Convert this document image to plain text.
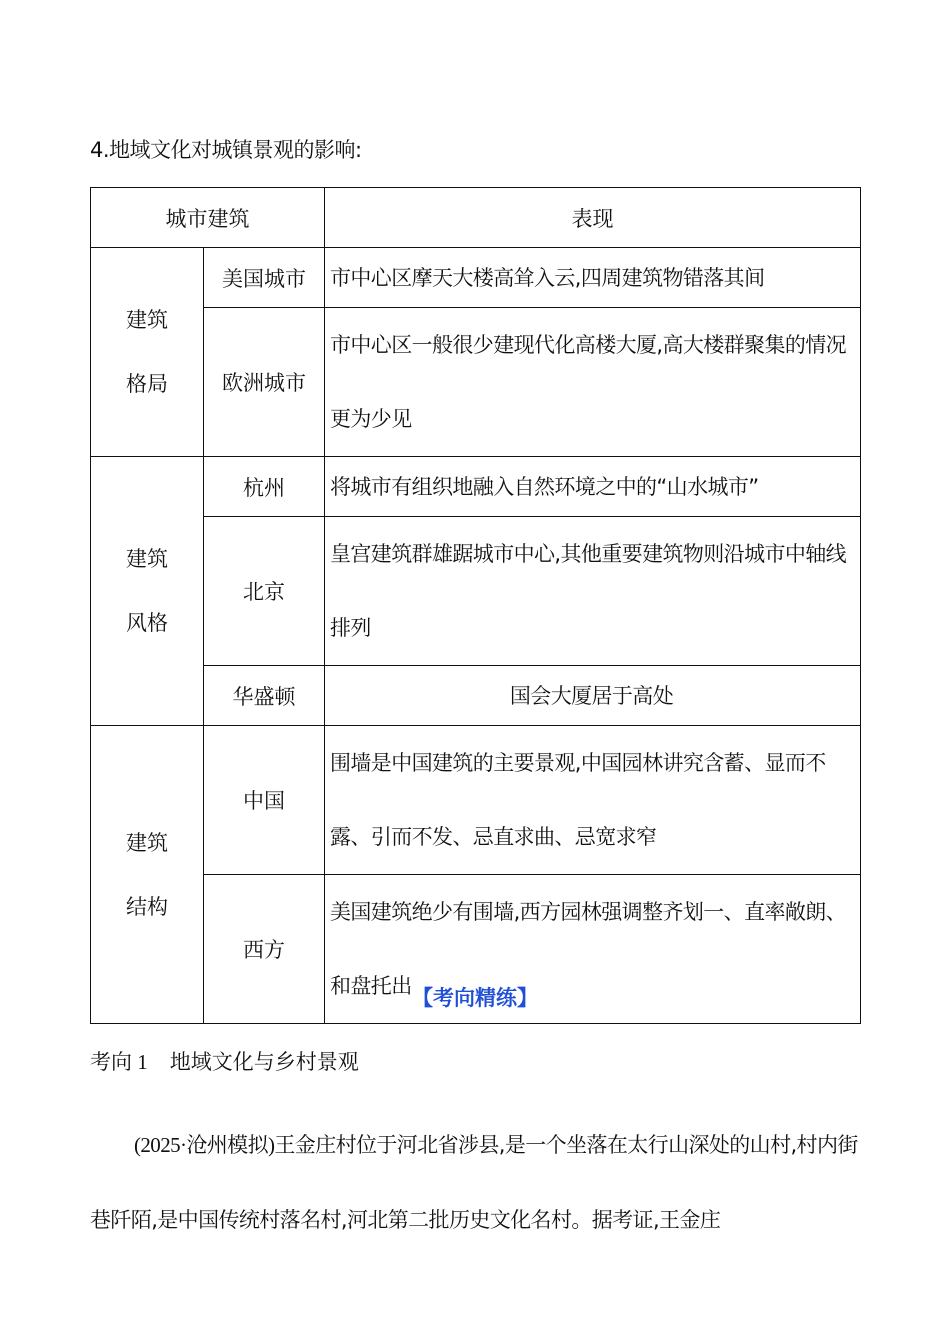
4.地域文化对城镇景观的影响:
城市建筑		表现

建筑
格局	美国城市	市中心区摩天大楼高耸入云,四周建筑物错落其间
	欧洲城市	市中心区一般很少建现代化高楼大厦,高大楼群聚集的情况更为少见

建筑
风格	杭州	将城市有组织地融入自然环境之中的“山水城市”
	北京	皇宫建筑群雄踞城市中心,其他重要建筑物则沿城市中轴线排列
	华盛顿	国会大厦居于高处

建筑
结构	中国	围墙是中国建筑的主要景观,中国园林讲究含蓄、显而不露、引而不发、忌直求曲、忌宽求窄
	西方	美国建筑绝少有围墙,西方园林强调整齐划一、直率敞朗、和盘托出 【考向精练】
考向 1 地域文化与乡村景观
(2025·沧州模拟)王金庄村位于河北省涉县,是一个坐落在太行山深处的山村,村内街巷阡陌,是中国传统村落名村,河北第二批历史文化名村。据考证,王金庄
